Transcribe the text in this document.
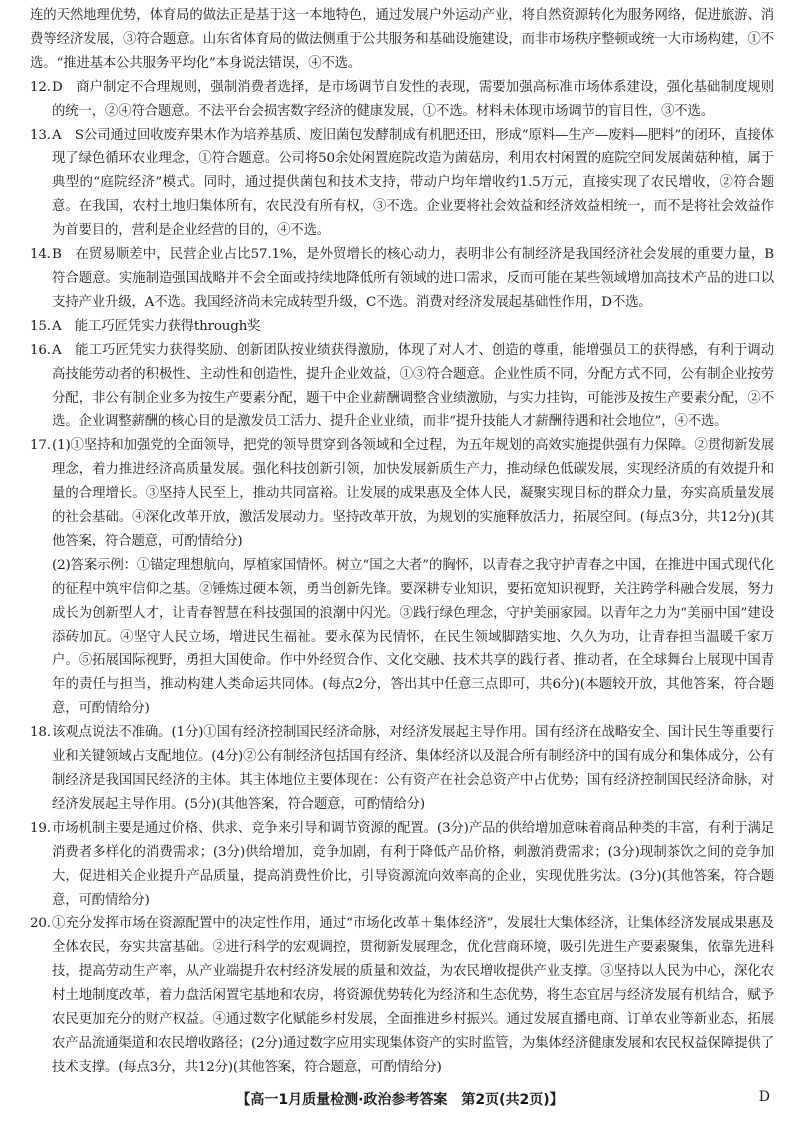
连的天然地理优势，体育局的做法正是基于这一本地特色，通过发展户外运动产业，将自然资源转化为服务网络，促进旅游、消费等经济发展，③符合题意。山东省体育局的做法侧重于公共服务和基础设施建设，而非市场秩序整顿或统一大市场构建，①不选。“推进基本公共服务平均化”本身说法错误，④不选。

12. D　商户制定不合理规则，强制消费者选择，是市场调节自发性的表现，需要加强高标准市场体系建设，强化基础制度规则的统一，②④符合题意。不法平台会损害数字经济的健康发展，①不选。材料未体现市场调节的盲目性，③不选。

13. A　S公司通过回收废弃果木作为培养基质、废旧菌包发酵制成有机肥还田，形成“原料—生产—废料—肥料”的闭环，直接体现了绿色循环农业理念，①符合题意。公司将50余处闲置庭院改造为菌菇房，利用农村闲置的庭院空间发展菌菇种植，属于典型的“庭院经济”模式。同时，通过提供菌包和技术支持，带动户均年增收约1.5万元，直接实现了农民增收，②符合题意。在我国，农村土地归集体所有，农民没有所有权，③不选。企业要将社会效益和经济效益相统一，而不是将社会效益作为首要目的，营利是企业经营的目的，④不选。

14. B　在贸易顺差中，民营企业占比57.1%，是外贸增长的核心动力，表明非公有制经济是我国经济社会发展的重要力量，B符合题意。实施制造强国战略并不会全面或持续地降低所有领域的进口需求，反而可能在某些领域增加高技术产品的进口以支持产业升级，A不选。我国经济尚未完成转型升级，C不选。消费对经济发展起基础性作用，D不选。

15. A　能工巧匠凭实力获得through奖

16. A　能工巧匠凭实力获得奖励、创新团队按业绩获得激励，体现了对人才、创造的尊重，能增强员工的获得感，有利于调动高技能劳动者的积极性、主动性和创造性，提升企业效益，①③符合题意。企业性质不同，分配方式不同，公有制企业按劳分配，非公有制企业多为按生产要素分配，题干中企业薪酬调整含业绩激励，与实力挂钩，可能涉及按生产要素分配，②不选。企业调整薪酬的核心目的是激发员工活力、提升企业业绩，而非“提升技能人才薪酬待遇和社会地位”，④不选。

17. (1)①坚持和加强党的全面领导，把党的领导贯穿到各领域和全过程，为五年规划的高效实施提供强有力保障。②贯彻新发展理念，着力推进经济高质量发展。强化科技创新引领，加快发展新质生产力，推动绿色低碳发展，实现经济质的有效提升和量的合理增长。③坚持人民至上，推动共同富裕。让发展的成果惠及全体人民，凝聚实现目标的群众力量，夯实高质量发展的社会基础。④深化改革开放，激活发展动力。坚持改革开放，为规划的实施释放活力，拓展空间。(每点3分，共12分)(其他答案，符合题意，可酌情给分)

(2)答案示例：①锚定理想航向，厚植家国情怀。树立“国之大者”的胸怀，以青春之我守护青春之中国，在推进中国式现代化的征程中筑牢信仰之基。②锤炼过硬本领，勇当创新先锋。要深耕专业知识，要拓宽知识视野，关注跨学科融合发展，努力成长为创新型人才，让青春智慧在科技强国的浪潮中闪光。③践行绿色理念，守护美丽家园。以青年之力为“美丽中国”建设添砖加瓦。④坚守人民立场，增进民生福祉。要永葆为民情怀，在民生领域脚踏实地、久久为功，让青春担当温暖千家万户。⑤拓展国际视野，勇担大国使命。作中外经贸合作、文化交融、技术共享的践行者、推动者，在全球舞台上展现中国青年的责任与担当，推动构建人类命运共同体。(每点2分，答出其中任意三点即可，共6分)(本题较开放，其他答案，符合题意，可酌情给分)

18. 该观点说法不准确。(1分)①国有经济控制国民经济命脉，对经济发展起主导作用。国有经济在战略安全、国计民生等重要行业和关键领域占支配地位。(4分)②公有制经济包括国有经济、集体经济以及混合所有制经济中的国有成分和集体成分，公有制经济是我国国民经济的主体。其主体地位主要体现在：公有资产在社会总资产中占优势；国有经济控制国民经济命脉，对经济发展起主导作用。(5分)(其他答案，符合题意，可酌情给分)

19. 市场机制主要是通过价格、供求、竞争来引导和调节资源的配置。(3分)产品的供给增加意味着商品种类的丰富，有利于满足消费者多样化的消费需求；(3分)供给增加，竞争加剧，有利于降低产品价格，刺激消费需求；(3分)现制茶饮之间的竞争加大，促进相关企业提升产品质量，提高消费性价比，引导资源流向效率高的企业，实现优胜劣汰。(3分)(其他答案，符合题意，可酌情给分)

20. ①充分发挥市场在资源配置中的决定性作用，通过“市场化改革＋集体经济”，发展壮大集体经济，让集体经济发展成果惠及全体农民，夯实共富基础。②进行科学的宏观调控，贯彻新发展理念，优化营商环境，吸引先进生产要素聚集，依靠先进科技，提高劳动生产率，从产业端提升农村经济发展的质量和效益，为农民增收提供产业支撑。③坚持以人民为中心，深化农村土地制度改革，着力盘活闲置宅基地和农房，将资源优势转化为经济和生态优势，将生态宜居与经济发展有机结合，赋予农民更加充分的财产权益。④通过数字化赋能乡村发展，全面推进乡村振兴。通过发展直播电商、订单农业等新业态，拓展农产品流通渠道和农民增收路径；(2分)通过数字应用实现集体资产的实时监管，为集体经济健康发展和农民权益保障提供了技术支撑。(每点3分，共12分)(其他答案，符合题意，可酌情给分)

【高一1月质量检测·政治参考答案　第2页(共2页)】	D
